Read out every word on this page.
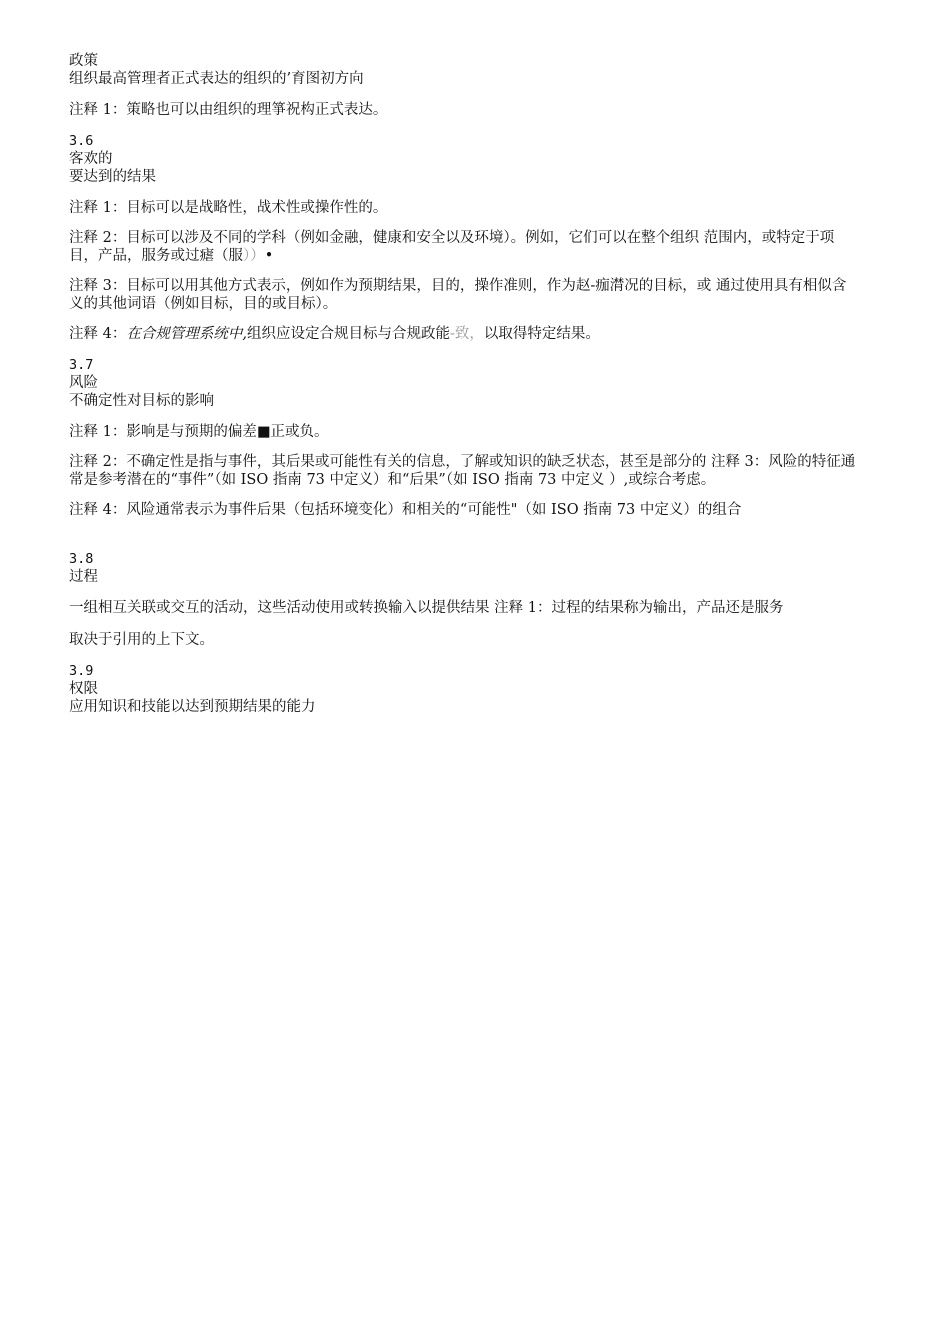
政策
组织最高管理者正式表达的组织的’育图初方向

注释 1：策略也可以由组织的理箏祝构正式表达。

3.6
客欢的
要达到的结果

注释 1：目标可以是战略性，战术性或操作性的。

注释 2：目标可以涉及不同的学科（例如金融，健康和安全以及环境）。例如，它们可以在整个组织 范围内，或特定于项目，产品，服务或过瘧（服））•

注释 3：目标可以用其他方式表示，例如作为预期结果，目的，操作准则，作为赵-痂潸况的目标，或 通过使用具有相似含义的其他词语（例如目标，目的或目标）。

注释 4：在合规管理系统中,组织应设定合规目标与合规政能-致，以取得特定结果。

3.7
风险
不确定性对目标的影响

注释 1：影响是与预期的偏差■正或负。

注释 2：不确定性是指与事件，其后果或可能性有关的信息，了解或知识的缺乏状态，甚至是部分的 注释 3：风险的特征通常是参考潜在的“事件”（如 ISO 指南 73 中定义）和“后果”（如 ISO 指南 73 中定义 ）,或综合考虑。

注释 4：风险通常表示为事件后果（包括环境变化）和相关的“可能性"（如 ISO 指南 73 中定义）的组合

3.8
过程

一组相互关联或交互的活动，这些活动使用或转换输入以提供结果 注释 1：过程的结果称为输出，产品还是服务
取决于引用的上下文。

3.9
权限
应用知识和技能以达到预期结果的能力
